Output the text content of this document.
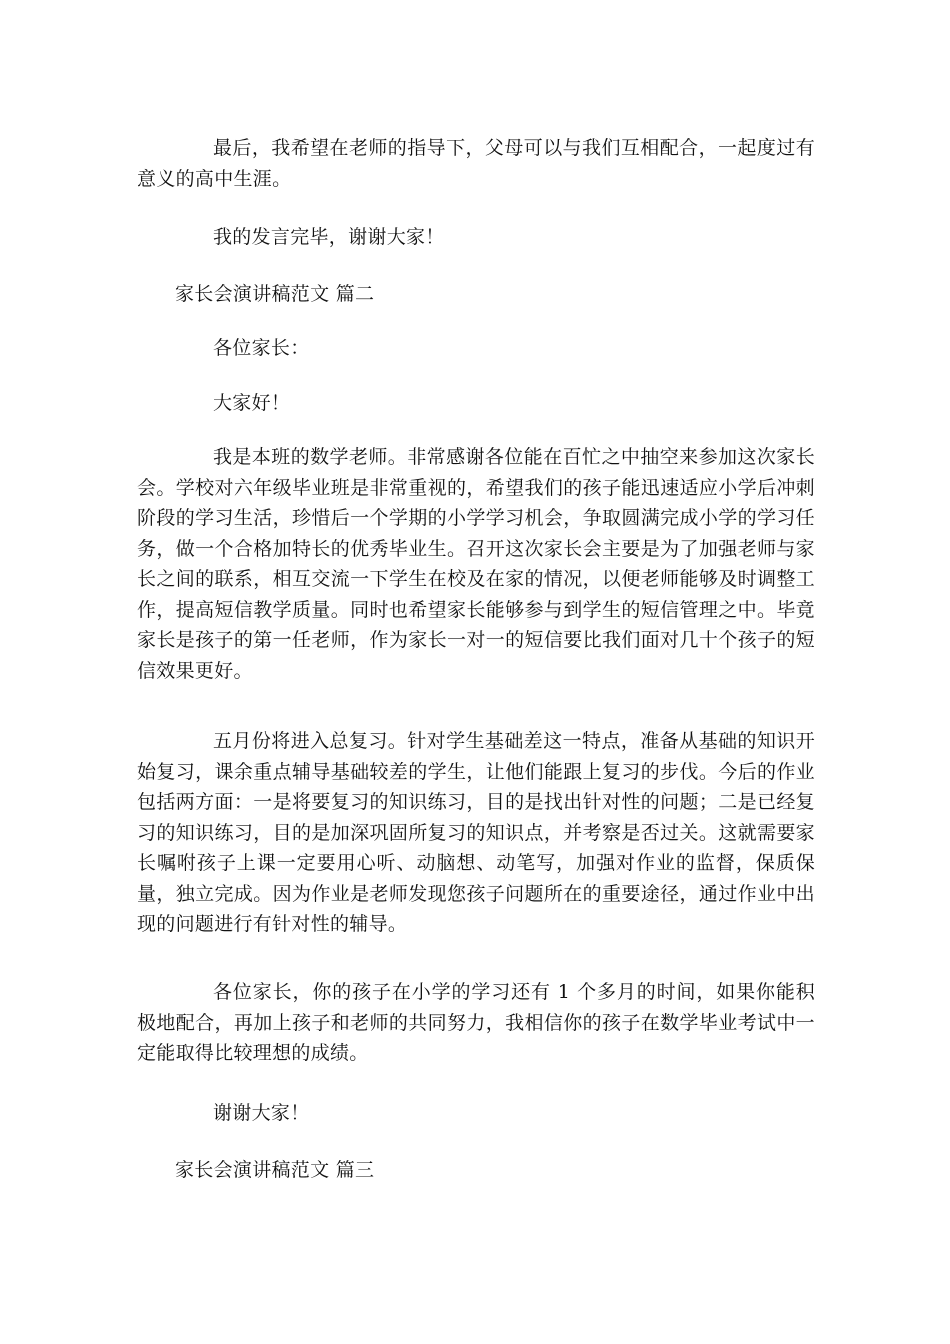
最后，我希望在老师的指导下，父母可以与我们互相配合，一起度过有意义的高中生涯。

我的发言完毕，谢谢大家！

家长会演讲稿范文 篇二

各位家长：

大家好！

我是本班的数学老师。非常感谢各位能在百忙之中抽空来参加这次家长会。学校对六年级毕业班是非常重视的，希望我们的孩子能迅速适应小学后冲刺阶段的学习生活，珍惜后一个学期的小学学习机会，争取圆满完成小学的学习任务，做一个合格加特长的优秀毕业生。召开这次家长会主要是为了加强老师与家长之间的联系，相互交流一下学生在校及在家的情况，以便老师能够及时调整工作，提高短信教学质量。同时也希望家长能够参与到学生的短信管理之中。毕竟家长是孩子的第一任老师，作为家长一对一的短信要比我们面对几十个孩子的短信效果更好。

五月份将进入总复习。针对学生基础差这一特点，准备从基础的知识开始复习，课余重点辅导基础较差的学生，让他们能跟上复习的步伐。今后的作业包括两方面：一是将要复习的知识练习，目的是找出针对性的问题；二是已经复习的知识练习，目的是加深巩固所复习的知识点，并考察是否过关。这就需要家长嘱咐孩子上课一定要用心听、动脑想、动笔写，加强对作业的监督，保质保量，独立完成。因为作业是老师发现您孩子问题所在的重要途径，通过作业中出现的问题进行有针对性的辅导。

各位家长，你的孩子在小学的学习还有 1 个多月的时间，如果你能积极地配合，再加上孩子和老师的共同努力，我相信你的孩子在数学毕业考试中一定能取得比较理想的成绩。

谢谢大家！

家长会演讲稿范文 篇三
